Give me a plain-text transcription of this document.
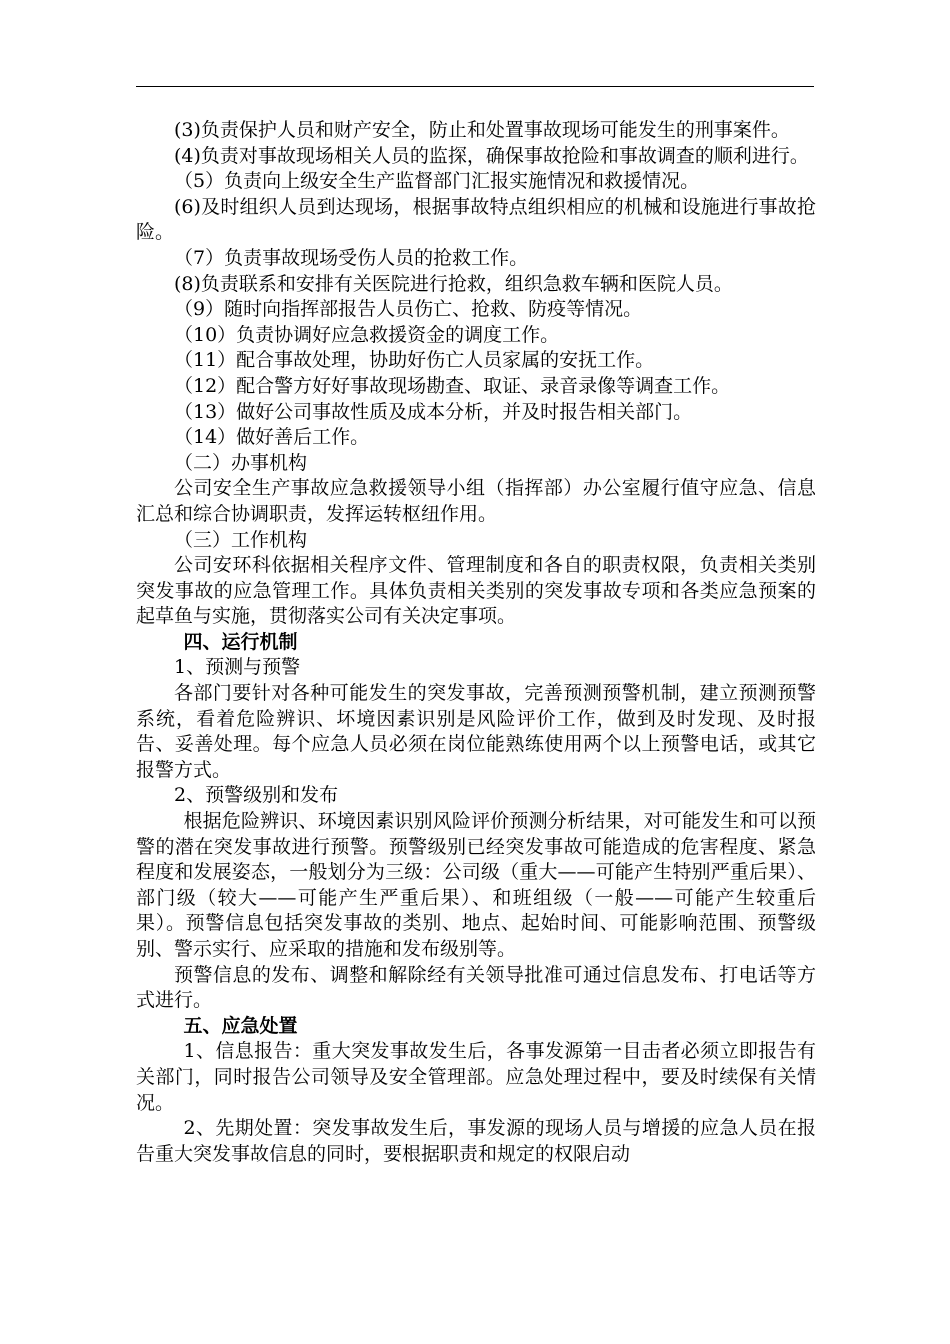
(3)负责保护人员和财产安全，防止和处置事故现场可能发生的刑事案件。

(4)负责对事故现场相关人员的监探，确保事故抢险和事故调查的顺利进行。

（5）负责向上级安全生产监督部门汇报实施情况和救援情况。

(6)及时组织人员到达现场，根据事故特点组织相应的机械和设施进行事故抢险。

（7）负责事故现场受伤人员的抢救工作。

(8)负责联系和安排有关医院进行抢救，组织急救车辆和医院人员。

（9）随时向指挥部报告人员伤亡、抢救、防疫等情况。

（10）负责协调好应急救援资金的调度工作。

（11）配合事故处理，协助好伤亡人员家属的安抚工作。

（12）配合警方好好事故现场勘查、取证、录音录像等调查工作。

（13）做好公司事故性质及成本分析，并及时报告相关部门。

（14）做好善后工作。

（二）办事机构

公司安全生产事故应急救援领导小组（指挥部）办公室履行值守应急、信息汇总和综合协调职责，发挥运转枢纽作用。

（三）工作机构

公司安环科依据相关程序文件、管理制度和各自的职责权限，负责相关类别突发事故的应急管理工作。具体负责相关类别的突发事故专项和各类应急预案的起草鱼与实施，贯彻落实公司有关决定事项。

四、运行机制

1、预测与预警

各部门要针对各种可能发生的突发事故，完善预测预警机制，建立预测预警系统，看着危险辨识、坏境因素识别是风险评价工作，做到及时发现、及时报告、妥善处理。每个应急人员必须在岗位能熟练使用两个以上预警电话，或其它报警方式。

2、预警级别和发布

根据危险辨识、环境因素识别风险评价预测分析结果，对可能发生和可以预警的潜在突发事故进行预警。预警级别已经突发事故可能造成的危害程度、紧急程度和发展姿态，一般划分为三级：公司级（重大——可能产生特别严重后果）、部门级（较大——可能产生严重后果）、和班组级（一般——可能产生较重后果）。预警信息包括突发事故的类别、地点、起始时间、可能影响范围、预警级别、警示实行、应采取的措施和发布级别等。

预警信息的发布、调整和解除经有关领导批准可通过信息发布、打电话等方式进行。

五、应急处置

1、信息报告：重大突发事故发生后，各事发源第一目击者必须立即报告有关部门，同时报告公司领导及安全管理部。应急处理过程中，要及时续保有关情况。

2、先期处置：突发事故发生后，事发源的现场人员与增援的应急人员在报告重大突发事故信息的同时，要根据职责和规定的权限启动
